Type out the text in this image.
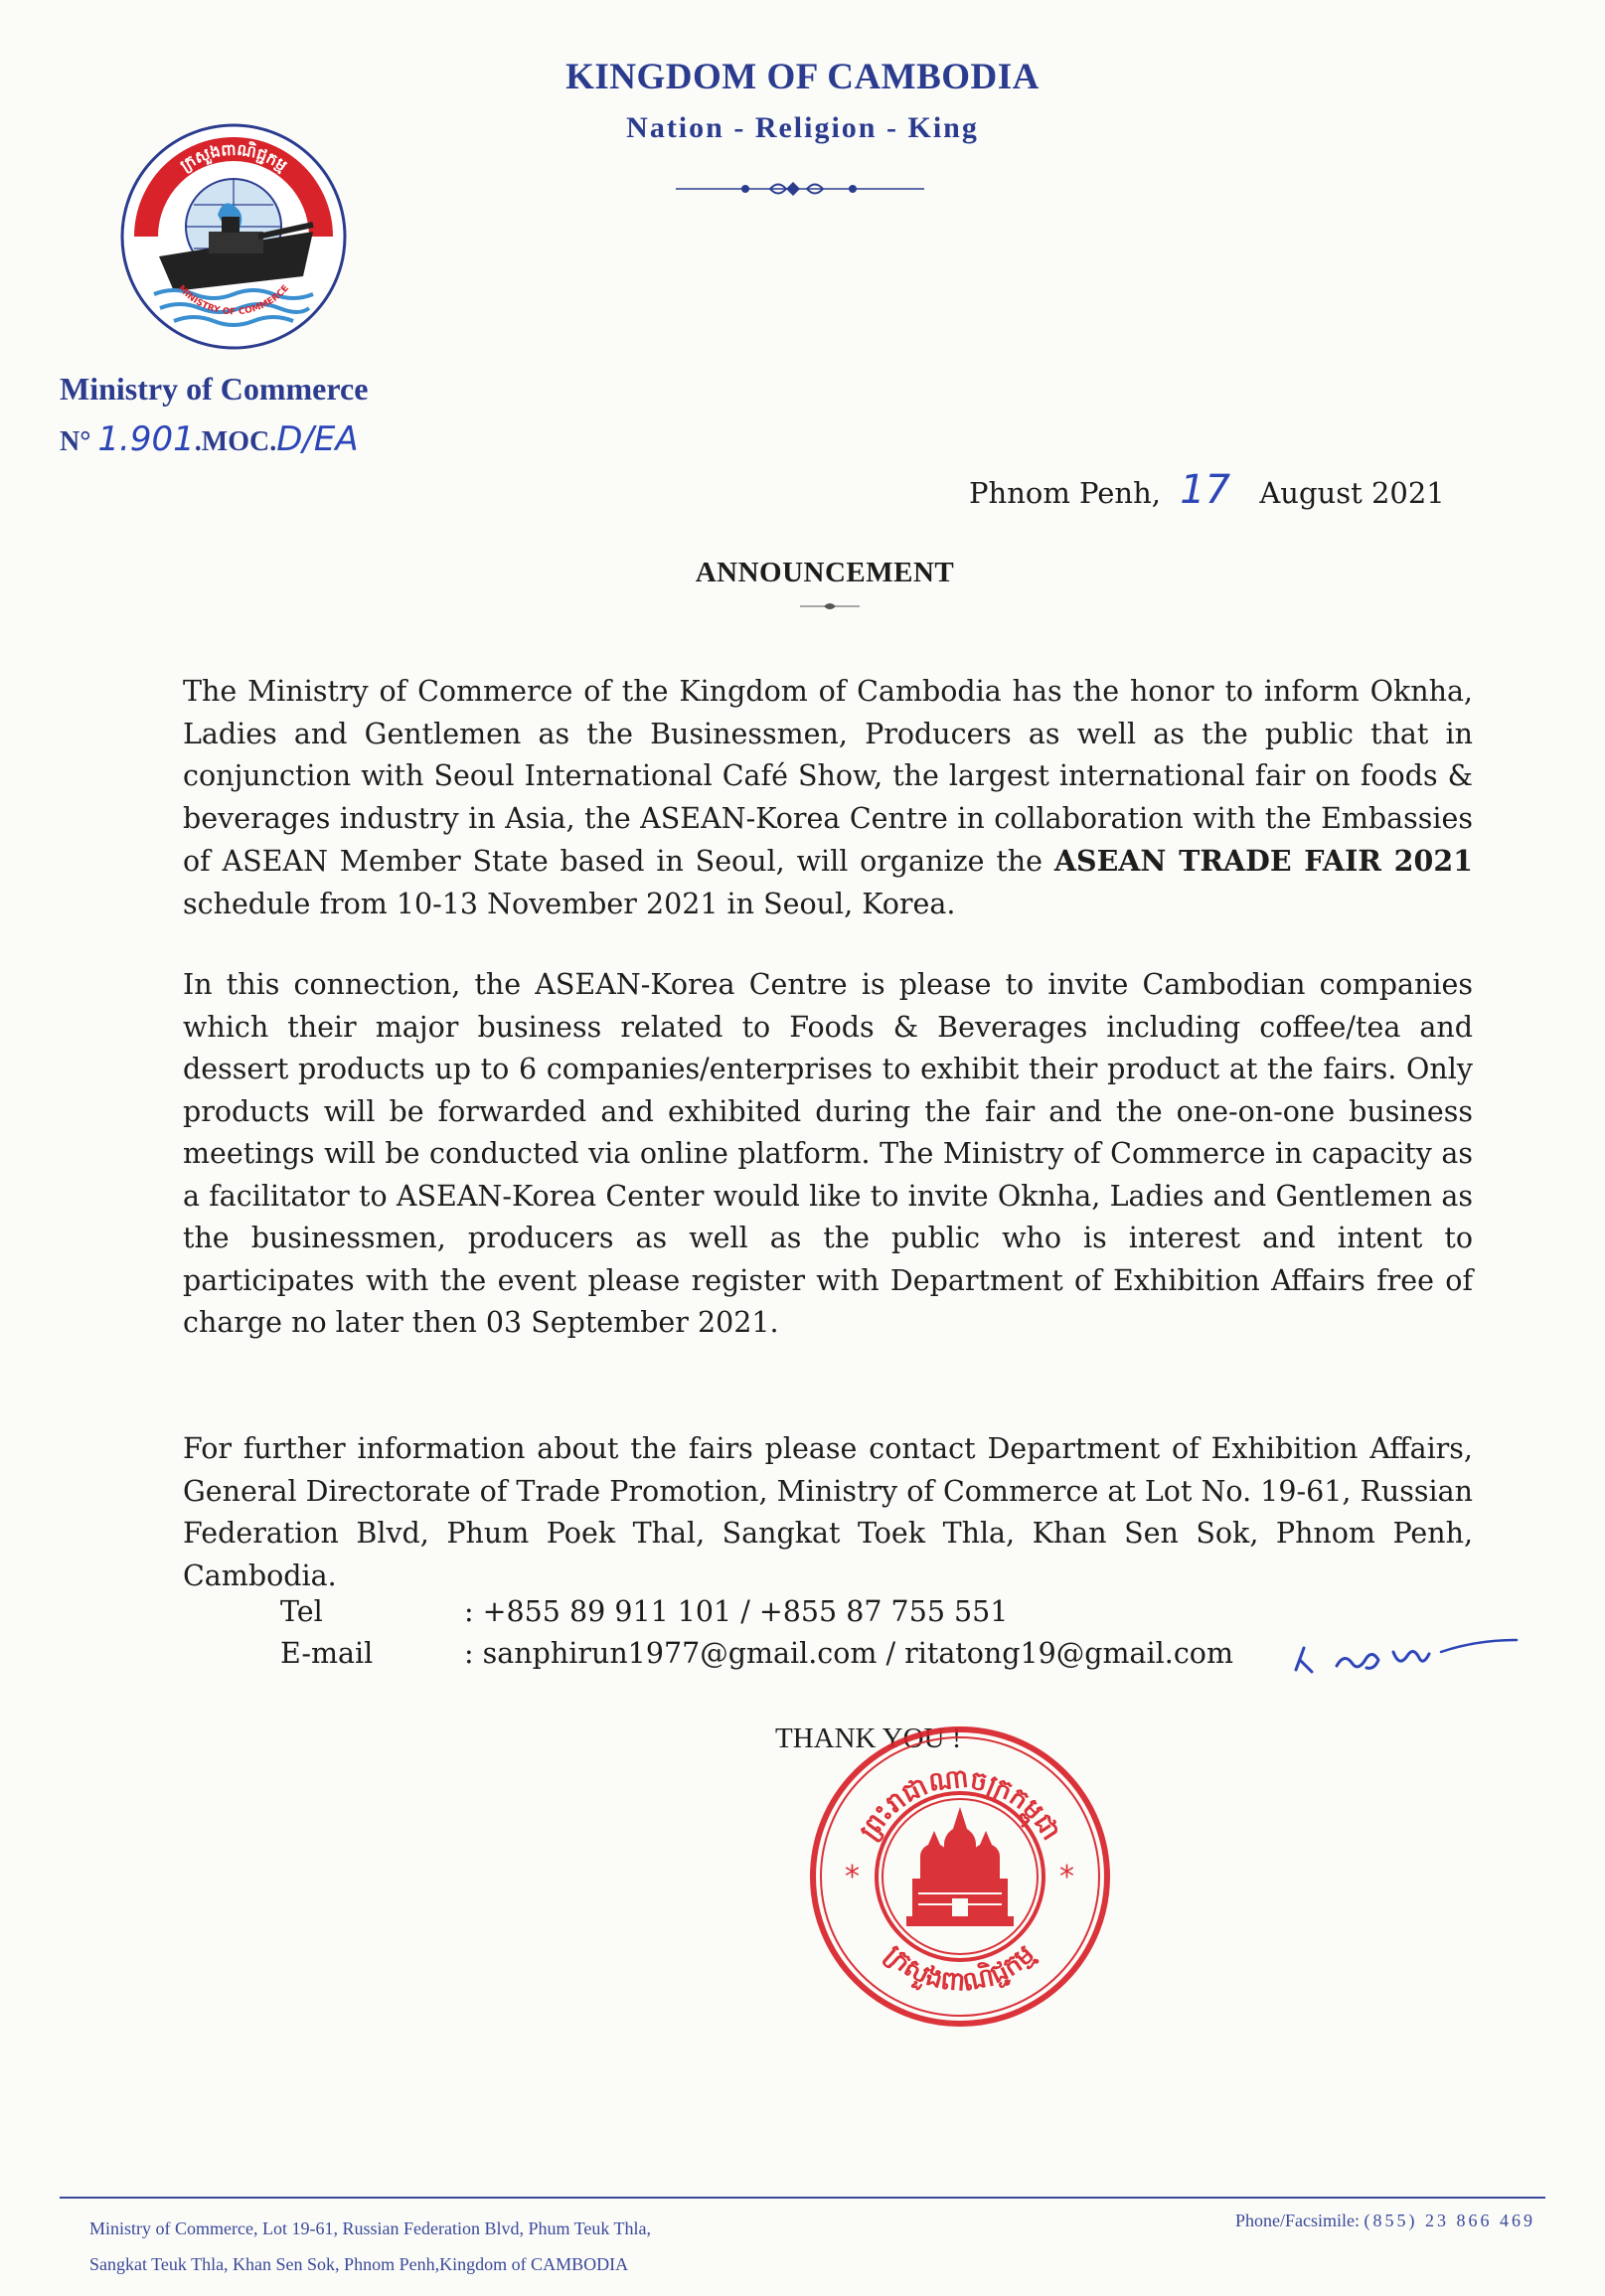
KINGDOM OF CAMBODIA
Nation - Religion - King
ក្រសួងពាណិជ្ជកម្ម
MINISTRY OF COMMERCE
Ministry of Commerce
N° 1.901.MOC.D/EA
Phnom Penh, 17 August 2021
ANNOUNCEMENT
The Ministry of Commerce of the Kingdom of Cambodia has the honor to inform Oknha, Ladies and Gentlemen as the Businessmen, Producers as well as the public that in conjunction with Seoul International Café Show, the largest international fair on foods & beverages industry in Asia, the ASEAN-Korea Centre in collaboration with the Embassies of ASEAN Member State based in Seoul, will organize the ASEAN TRADE FAIR 2021 schedule from 10-13 November 2021 in Seoul, Korea.
In this connection, the ASEAN-Korea Centre is please to invite Cambodian companies which their major business related to Foods & Beverages including coffee/tea and dessert products up to 6 companies/enterprises to exhibit their product at the fairs. Only products will be forwarded and exhibited during the fair and the one-on-one business meetings will be conducted via online platform. The Ministry of Commerce in capacity as a facilitator to ASEAN-Korea Center would like to invite Oknha, Ladies and Gentlemen as the businessmen, producers as well as the public who is interest and intent to participates with the event please register with Department of Exhibition Affairs free of charge no later then 03 September 2021.
For further information about the fairs please contact Department of Exhibition Affairs, General Directorate of Trade Promotion, Ministry of Commerce at Lot No. 19-61, Russian Federation Blvd, Phum Poek Thal, Sangkat Toek Thla, Khan Sen Sok, Phnom Penh, Cambodia.
Tel	: +855 89 911 101 / +855 87 755 551
E-mail	: sanphirun1977@gmail.com / ritatong19@gmail.com
THANK YOU !
ព្រះរាជាណាចក្រកម្ពុជា
ក្រសួងពាណិជ្ជកម្ម
*	*
Ministry of Commerce, Lot 19-61, Russian Federation Blvd, Phum Teuk Thla,
Sangkat Teuk Thla, Khan Sen Sok, Phnom Penh,Kingdom of CAMBODIA
Phone/Facsimile: (855) 23 866 469
